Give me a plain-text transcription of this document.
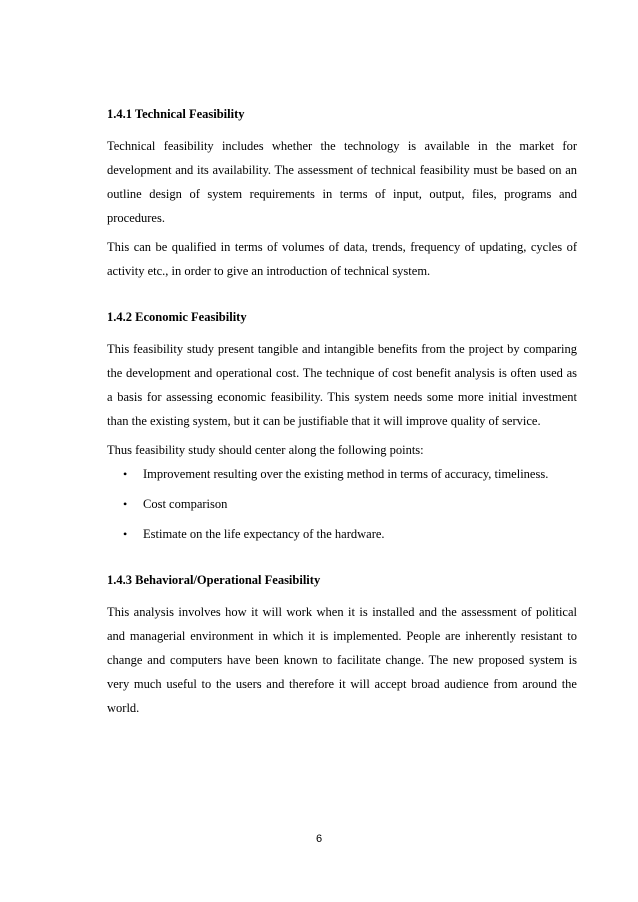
1.4.1 Technical Feasibility

Technical feasibility includes whether the technology is available in the market for development and its availability. The assessment of technical feasibility must be based on an outline design of system requirements in terms of input, output, files, programs and procedures.

This can be qualified in terms of volumes of data, trends, frequency of updating, cycles of activity etc., in order to give an introduction of technical system.

1.4.2 Economic Feasibility

This feasibility study present tangible and intangible benefits from the project by comparing the development and operational cost. The technique of cost benefit analysis is often used as a basis for assessing economic feasibility. This system needs some more initial investment than the existing system, but it can be justifiable that it will improve quality of service.

Thus feasibility study should center along the following points:

• Improvement resulting over the existing method in terms of accuracy, timeliness.
• Cost comparison
• Estimate on the life expectancy of the hardware.
1.4.3 Behavioral/Operational Feasibility

This analysis involves how it will work when it is installed and the assessment of political and managerial environment in which it is implemented. People are inherently resistant to change and computers have been known to facilitate change. The new proposed system is very much useful to the users and therefore it will accept broad audience from around the world.

6
